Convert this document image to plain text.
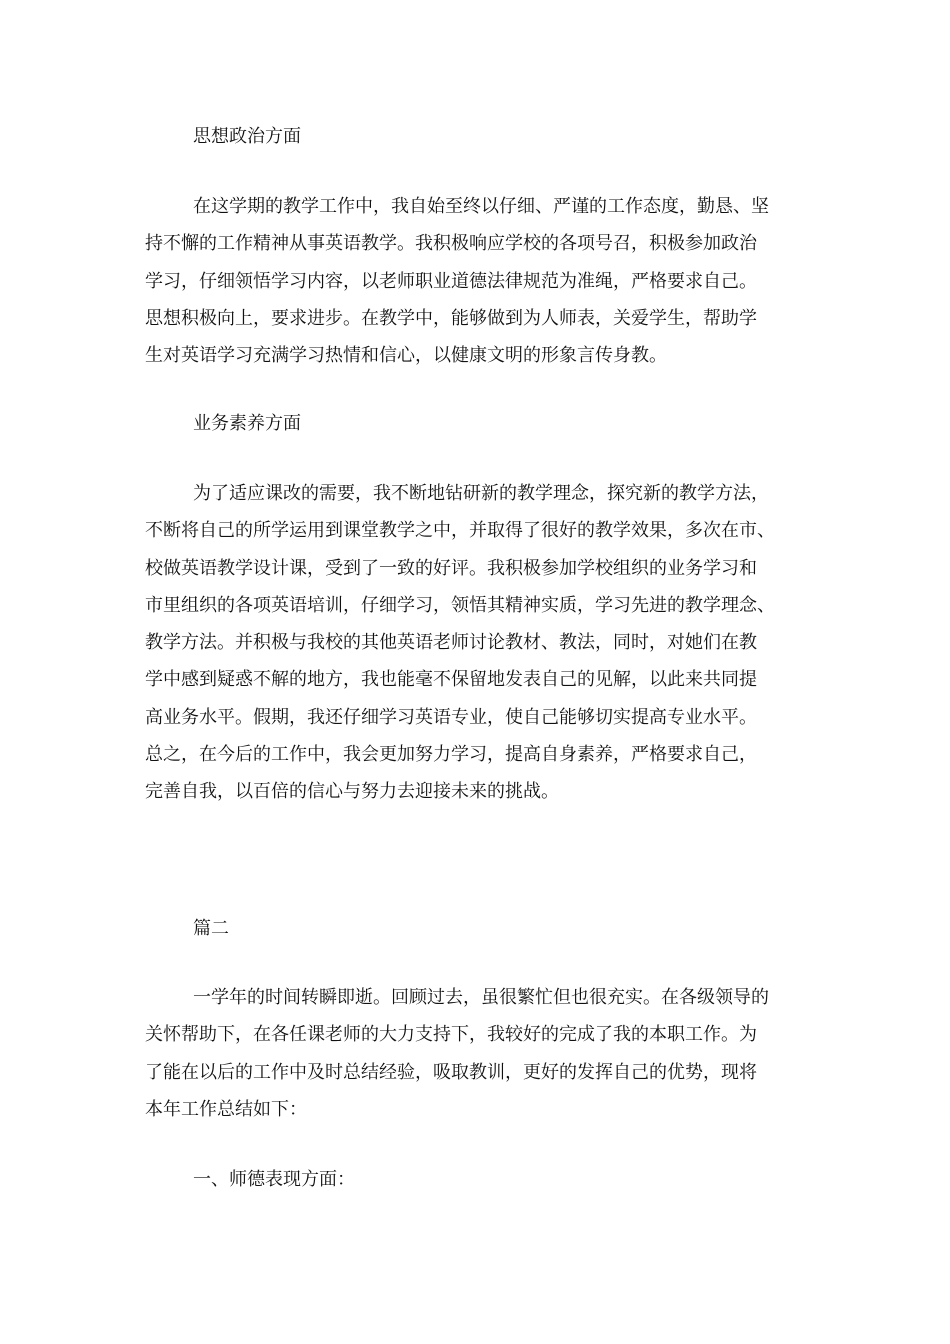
思想政治方面
在这学期的教学工作中，我自始至终以仔细、严谨的工作态度，勤恳、坚
持不懈的工作精神从事英语教学。我积极响应学校的各项号召，积极参加政治
学习，仔细领悟学习内容，以老师职业道德法律规范为准绳，严格要求自己。
思想积极向上，要求进步。在教学中，能够做到为人师表，关爱学生，帮助学
生对英语学习充满学习热情和信心，以健康文明的形象言传身教。
业务素养方面
为了适应课改的需要，我不断地钻研新的教学理念，探究新的教学方法，
不断将自己的所学运用到课堂教学之中，并取得了很好的教学效果，多次在市、
校做英语教学设计课，受到了一致的好评。我积极参加学校组织的业务学习和
市里组织的各项英语培训，仔细学习，领悟其精神实质，学习先进的教学理念、
教学方法。并积极与我校的其他英语老师讨论教材、教法，同时，对她们在教
学中感到疑惑不解的地方，我也能毫不保留地发表自己的见解，以此来共同提
高业务水平。假期，我还仔细学习英语专业，使自己能够切实提高专业水平。
总之，在今后的工作中，我会更加努力学习，提高自身素养，严格要求自己，
完善自我，以百倍的信心与努力去迎接未来的挑战。
篇二
一学年的时间转瞬即逝。回顾过去，虽很繁忙但也很充实。在各级领导的
关怀帮助下，在各任课老师的大力支持下，我较好的完成了我的本职工作。为
了能在以后的工作中及时总结经验，吸取教训，更好的发挥自己的优势，现将
本年工作总结如下：
一、师德表现方面：
